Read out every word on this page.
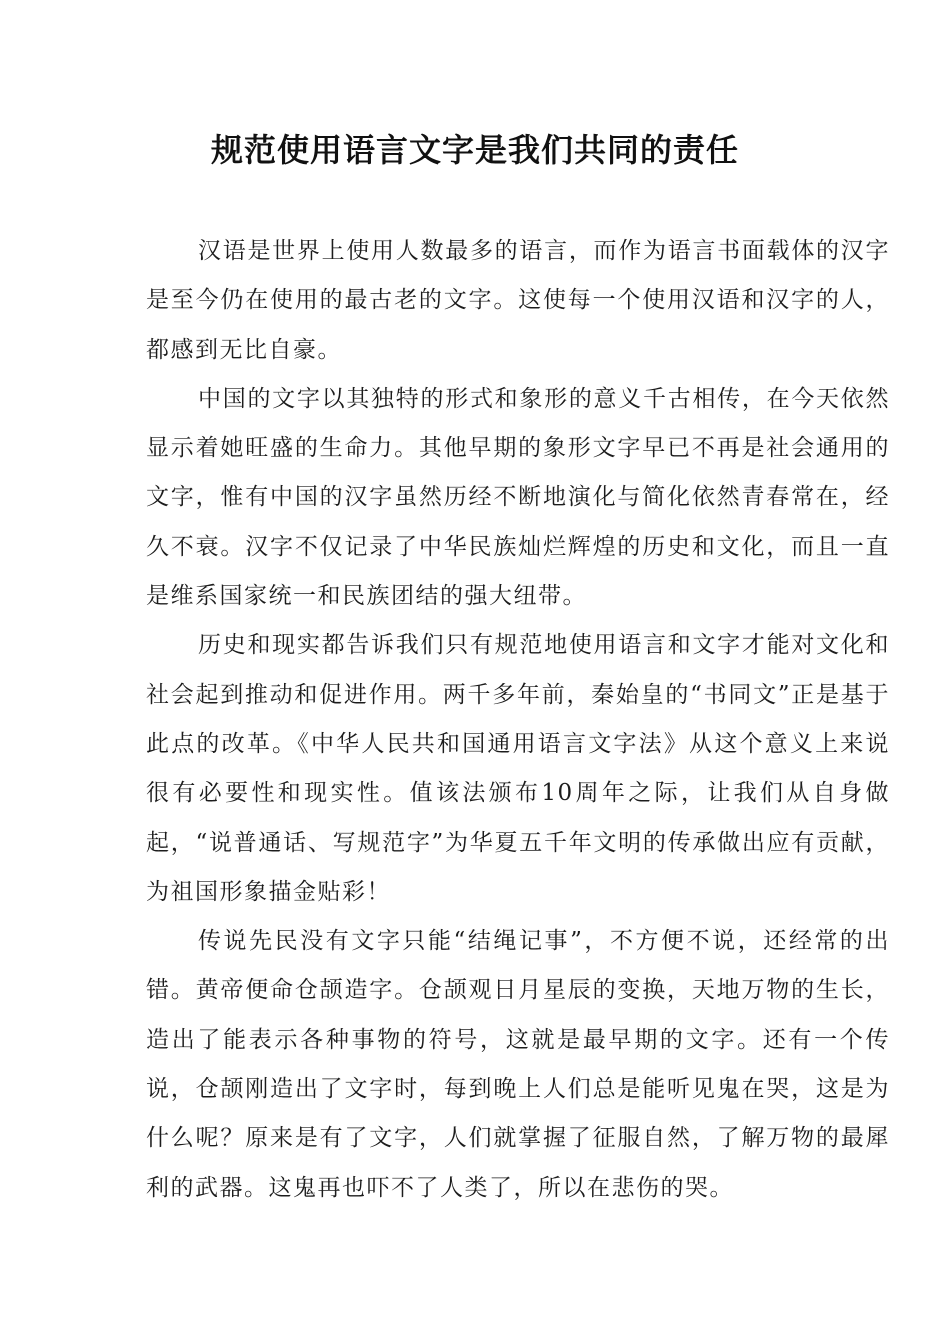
规范使用语言文字是我们共同的责任

汉语是世界上使用人数最多的语言，而作为语言书面载体的汉字是至今仍在使用的最古老的文字。这使每一个使用汉语和汉字的人，都感到无比自豪。

中国的文字以其独特的形式和象形的意义千古相传，在今天依然显示着她旺盛的生命力。其他早期的象形文字早已不再是社会通用的文字，惟有中国的汉字虽然历经不断地演化与简化依然青春常在，经久不衰。汉字不仅记录了中华民族灿烂辉煌的历史和文化，而且一直是维系国家统一和民族团结的强大纽带。

历史和现实都告诉我们只有规范地使用语言和文字才能对文化和社会起到推动和促进作用。两千多年前，秦始皇的“书同文”正是基于此点的改革。《中华人民共和国通用语言文字法》从这个意义上来说很有必要性和现实性。值该法颁布10周年之际，让我们从自身做起，“说普通话、写规范字”为华夏五千年文明的传承做出应有贡献，为祖国形象描金贴彩！

传说先民没有文字只能“结绳记事”，不方便不说，还经常的出错。黄帝便命仓颉造字。仓颉观日月星辰的变换，天地万物的生长，造出了能表示各种事物的符号，这就是最早期的文字。还有一个传说，仓颉刚造出了文字时，每到晚上人们总是能听见鬼在哭，这是为什么呢？原来是有了文字，人们就掌握了征服自然，了解万物的最犀利的武器。这鬼再也吓不了人类了，所以在悲伤的哭。
